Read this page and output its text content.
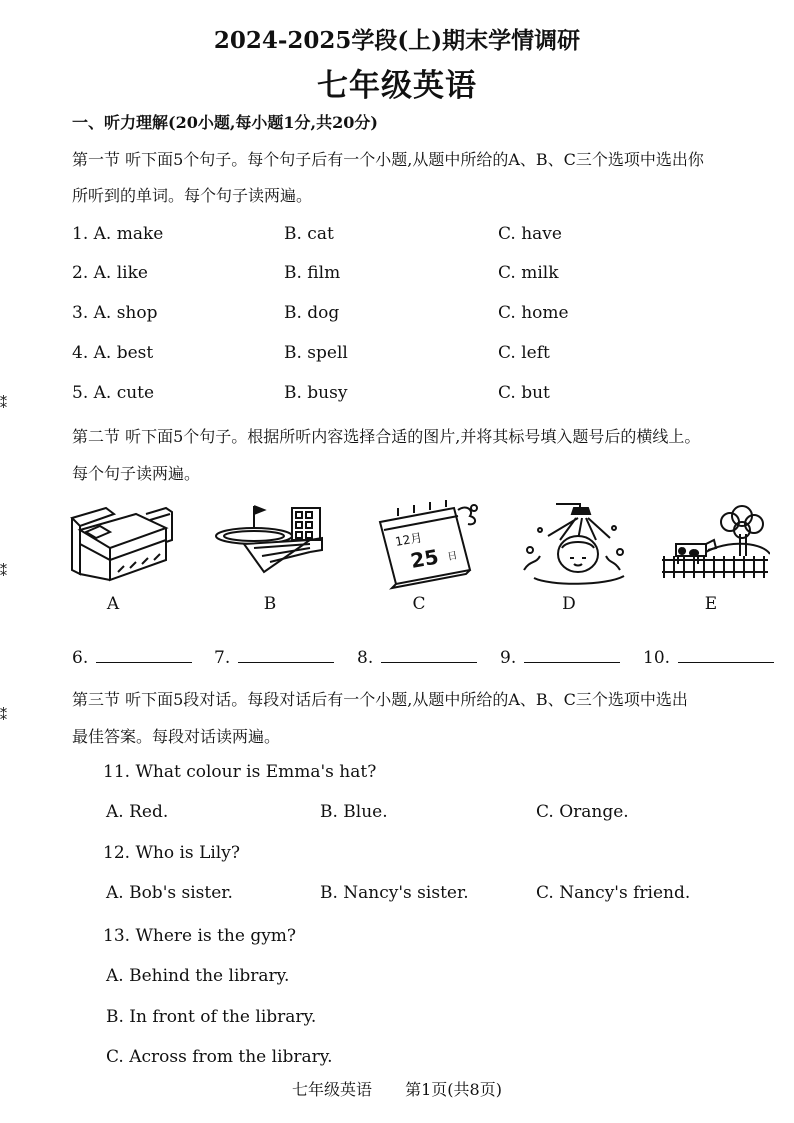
2024-2025学段(上)期末学情调研
七年级英语
一、听力理解(20小题,每小题1分,共20分)
第一节 听下面5个句子。每个句子后有一个小题,从题中所给的A、B、C三个选项中选出你
所听到的单词。每个句子读两遍。
1. A. make	B. cat	C. have
2. A. like	B. film	C. milk
3. A. shop	B. dog	C. home
4. A. best	B. spell	C. left
5. A. cute	B. busy	C. but
第二节 听下面5个句子。根据所听内容选择合适的图片,并将其标号填入题号后的横线上。
每个句子读两遍。
A	B
12月
25 日
C	D	E
6.	7.	8.	9.	10.
第三节 听下面5段对话。每段对话后有一个小题,从题中所给的A、B、C三个选项中选出
最佳答案。每段对话读两遍。
11. What colour is Emma's hat?
A. Red.	B. Blue.	C. Orange.
12. Who is Lily?
A. Bob's sister.	B. Nancy's sister.	C. Nancy's friend.
13. Where is the gym?
A. Behind the library.
B. In front of the library.
C. Across from the library.
七年级英语 第1页(共8页)
⁑
⁑
⁑
